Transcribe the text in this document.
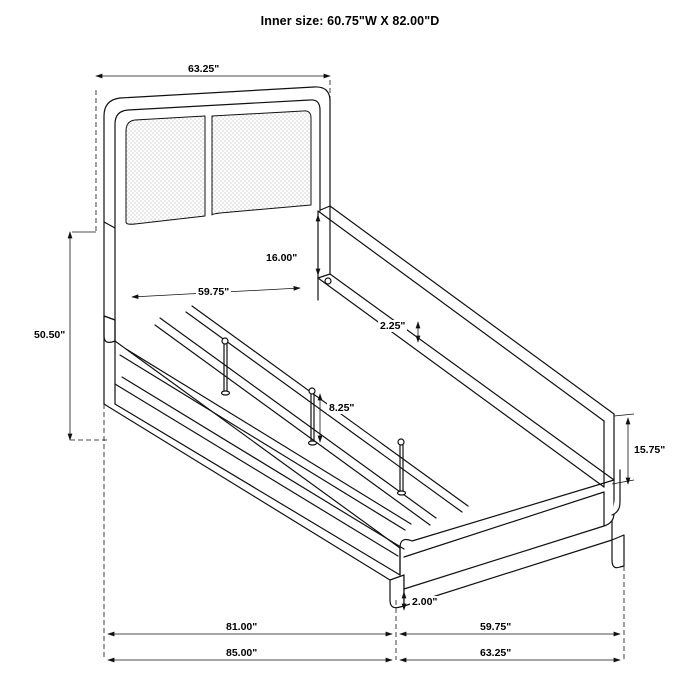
Inner size: 60.75"W X 82.00"D
63.25"
16.00"
59.75"
50.50"
2.25"
8.25"
15.75"
2.00"
81.00"	59.75"
85.00"	63.25"
